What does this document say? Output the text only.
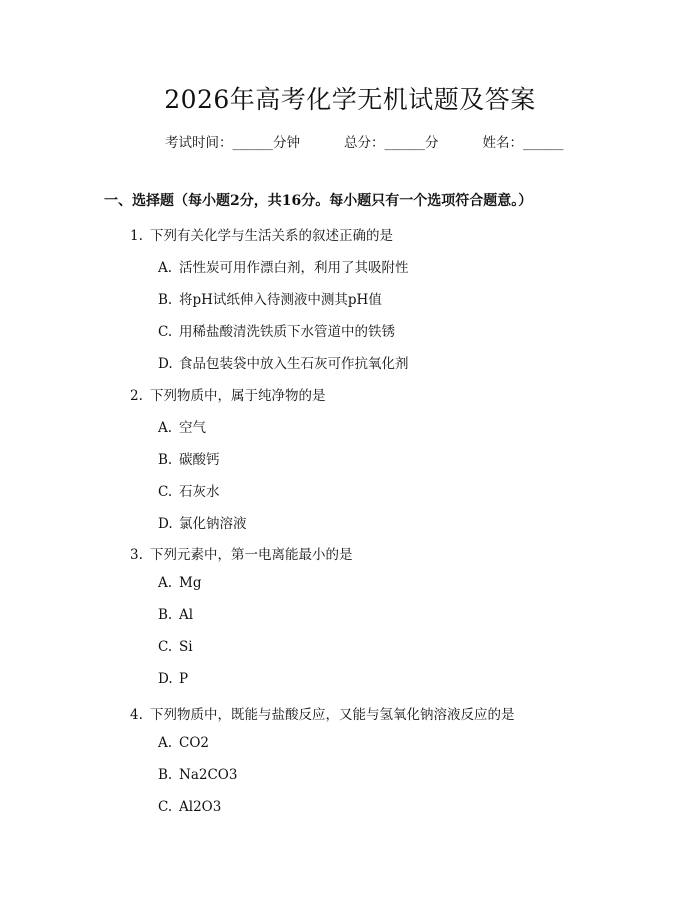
2026年高考化学无机试题及答案
考试时间：______分钟	总分：______分	姓名：______
一、选择题（每小题2分，共16分。每小题只有一个选项符合题意。）
1. 下列有关化学与生活关系的叙述正确的是
A. 活性炭可用作漂白剂，利用了其吸附性
B. 将pH试纸伸入待测液中测其pH值
C. 用稀盐酸清洗铁质下水管道中的铁锈
D. 食品包装袋中放入生石灰可作抗氧化剂
2. 下列物质中，属于纯净物的是
A. 空气
B. 碳酸钙
C. 石灰水
D. 氯化钠溶液
3. 下列元素中，第一电离能最小的是
A. Mg
B. Al
C. Si
D. P
4. 下列物质中，既能与盐酸反应，又能与氢氧化钠溶液反应的是
A. CO2
B. Na2CO3
C. Al2O3
